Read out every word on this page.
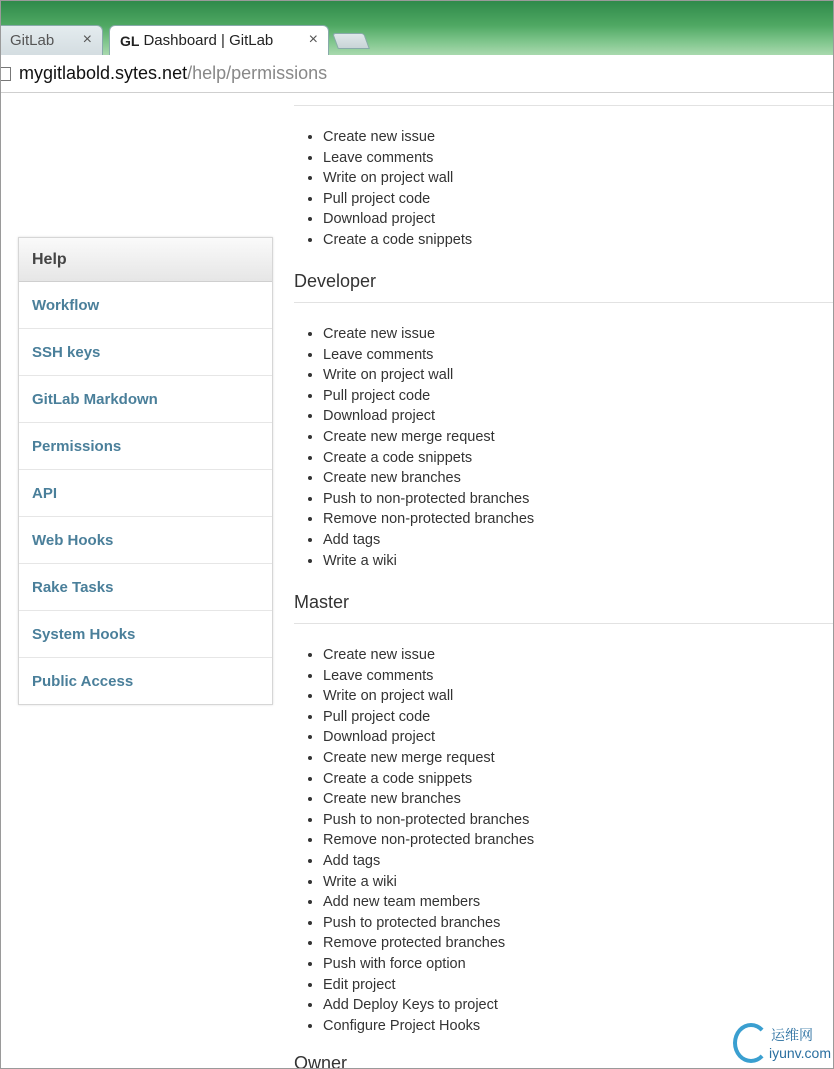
GitLab × GL Dashboard | GitLab ×
mygitlabold.sytes.net/help/permissions
Help
Workflow
SSH keys
GitLab Markdown
Permissions
API
Web Hooks
Rake Tasks
System Hooks
Public Access
• Create new issue
• Leave comments
• Write on project wall
• Pull project code
• Download project
• Create a code snippets
Developer
• Create new issue
• Leave comments
• Write on project wall
• Pull project code
• Download project
• Create new merge request
• Create a code snippets
• Create new branches
• Push to non-protected branches
• Remove non-protected branches
• Add tags
• Write a wiki
Master
• Create new issue
• Leave comments
• Write on project wall
• Pull project code
• Download project
• Create new merge request
• Create a code snippets
• Create new branches
• Push to non-protected branches
• Remove non-protected branches
• Add tags
• Write a wiki
• Add new team members
• Push to protected branches
• Remove protected branches
• Push with force option
• Edit project
• Add Deploy Keys to project
• Configure Project Hooks
Owner
运维网
iyunv.com
